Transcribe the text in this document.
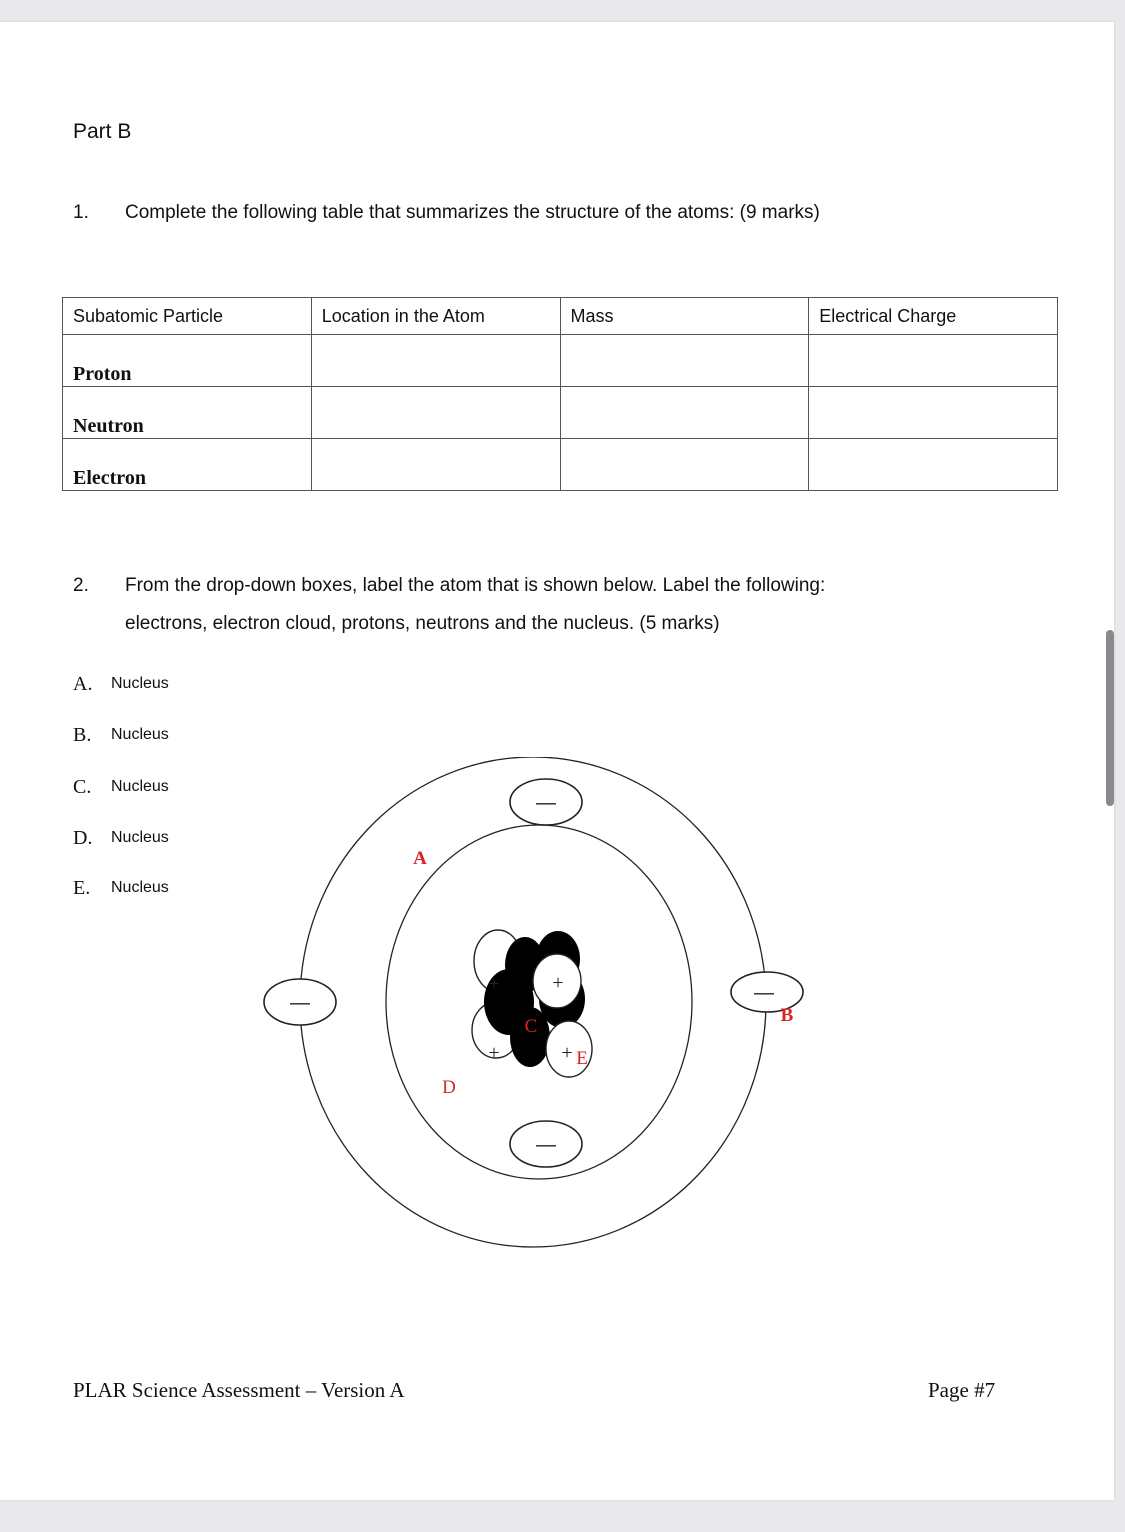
Part B
1. Complete the following table that summarizes the structure of the atoms: (9 marks)
Subatomic Particle	Location in the Atom	Mass	Electrical Charge
Proton			
Neutron			
Electron			
2. From the drop-down boxes, label the atom that is shown below. Label the following:
electrons, electron cloud, protons, neutrons and the nucleus. (5 marks)
A. Nucleus
B. Nucleus
C. Nucleus
D. Nucleus
E. Nucleus
—
—
—	—
+	+
+	+
A
B
C
D
E
PLAR Science Assessment – Version A	Page #7
